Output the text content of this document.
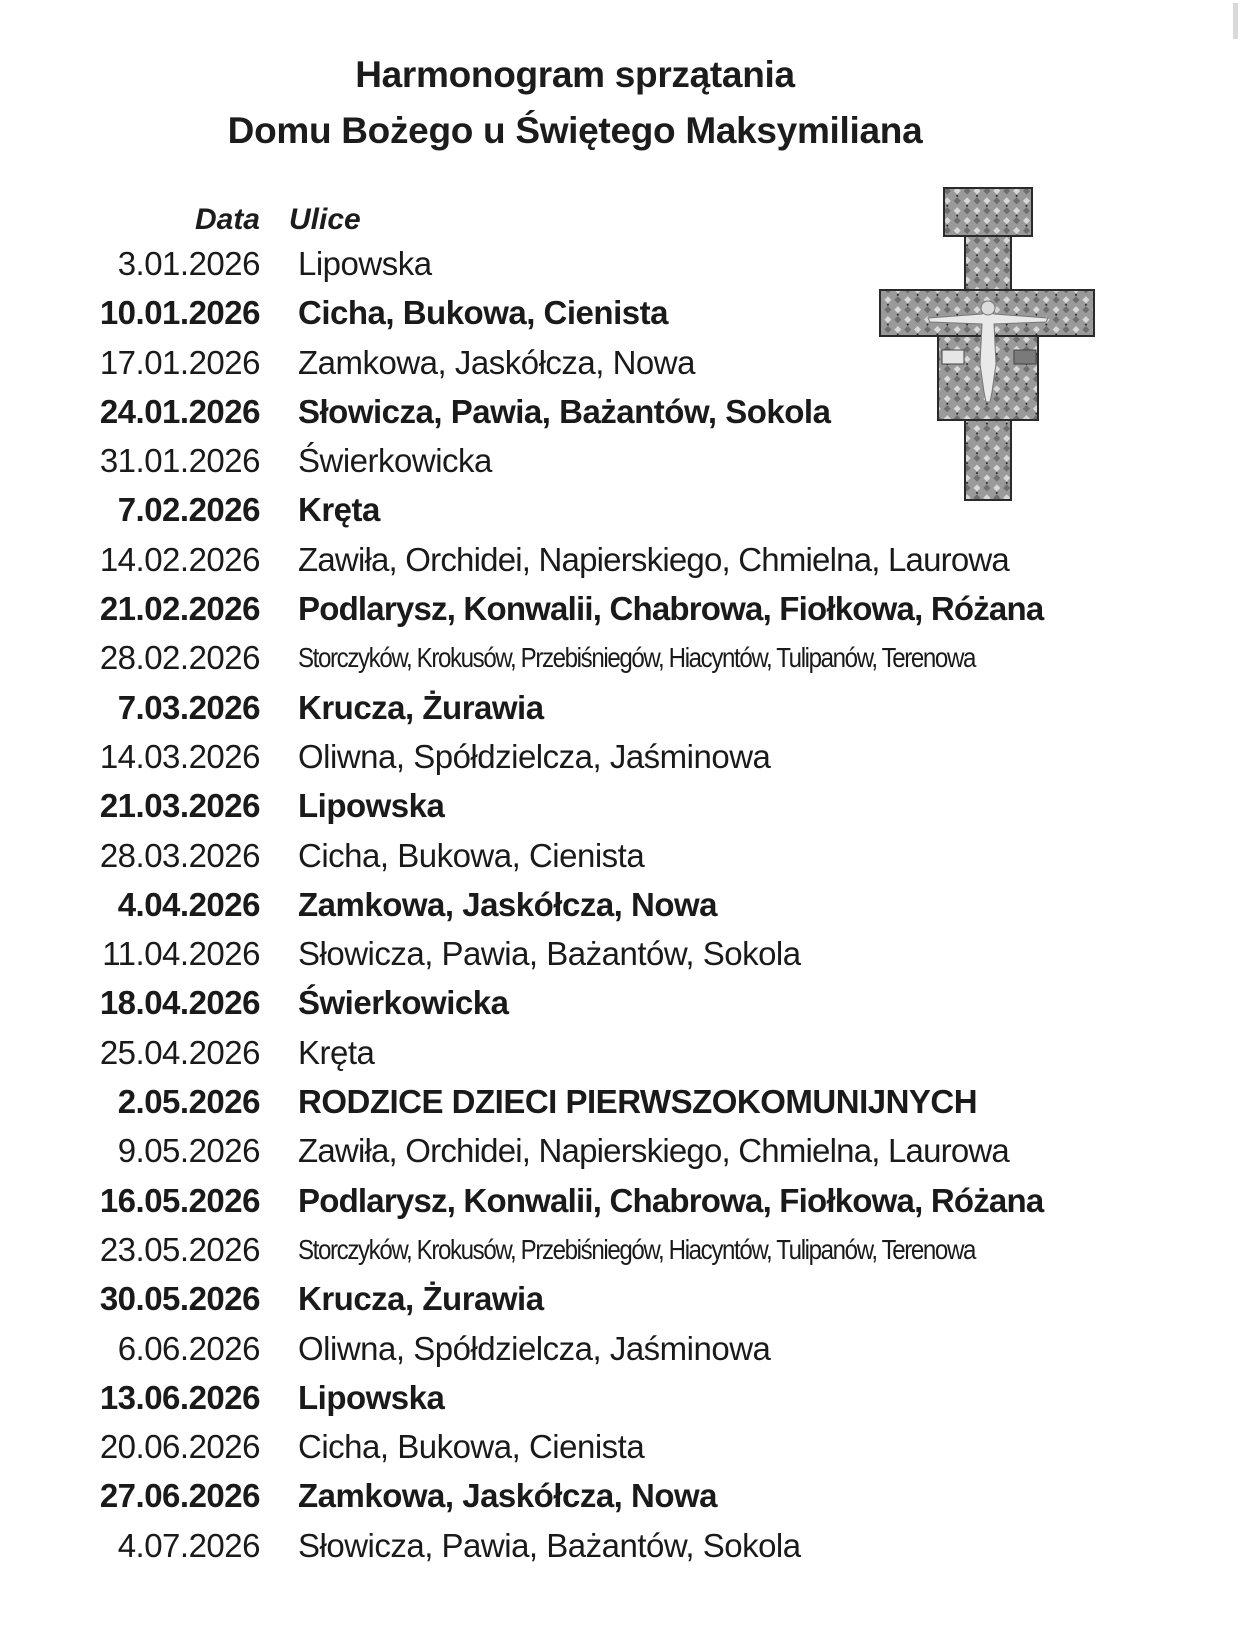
Harmonogram sprzątania
Domu Bożego u Świętego Maksymiliana
Data Ulice
3.01.2026 Lipowska
10.01.2026 Cicha, Bukowa, Cienista
17.01.2026 Zamkowa, Jaskółcza, Nowa
24.01.2026 Słowicza, Pawia, Bażantów, Sokola
31.01.2026 Świerkowicka
7.02.2026 Kręta
14.02.2026 Zawiła, Orchidei, Napierskiego, Chmielna, Laurowa
21.02.2026 Podlarysz, Konwalii, Chabrowa, Fiołkowa, Różana
28.02.2026 Storczyków, Krokusów, Przebiśniegów, Hiacyntów, Tulipanów, Terenowa
7.03.2026 Krucza, Żurawia
14.03.2026 Oliwna, Spółdzielcza, Jaśminowa
21.03.2026 Lipowska
28.03.2026 Cicha, Bukowa, Cienista
4.04.2026 Zamkowa, Jaskółcza, Nowa
11.04.2026 Słowicza, Pawia, Bażantów, Sokola
18.04.2026 Świerkowicka
25.04.2026 Kręta
2.05.2026 RODZICE DZIECI PIERWSZOKOMUNIJNYCH
9.05.2026 Zawiła, Orchidei, Napierskiego, Chmielna, Laurowa
16.05.2026 Podlarysz, Konwalii, Chabrowa, Fiołkowa, Różana
23.05.2026 Storczyków, Krokusów, Przebiśniegów, Hiacyntów, Tulipanów, Terenowa
30.05.2026 Krucza, Żurawia
6.06.2026 Oliwna, Spółdzielcza, Jaśminowa
13.06.2026 Lipowska
20.06.2026 Cicha, Bukowa, Cienista
27.06.2026 Zamkowa, Jaskółcza, Nowa
4.07.2026 Słowicza, Pawia, Bażantów, Sokola
